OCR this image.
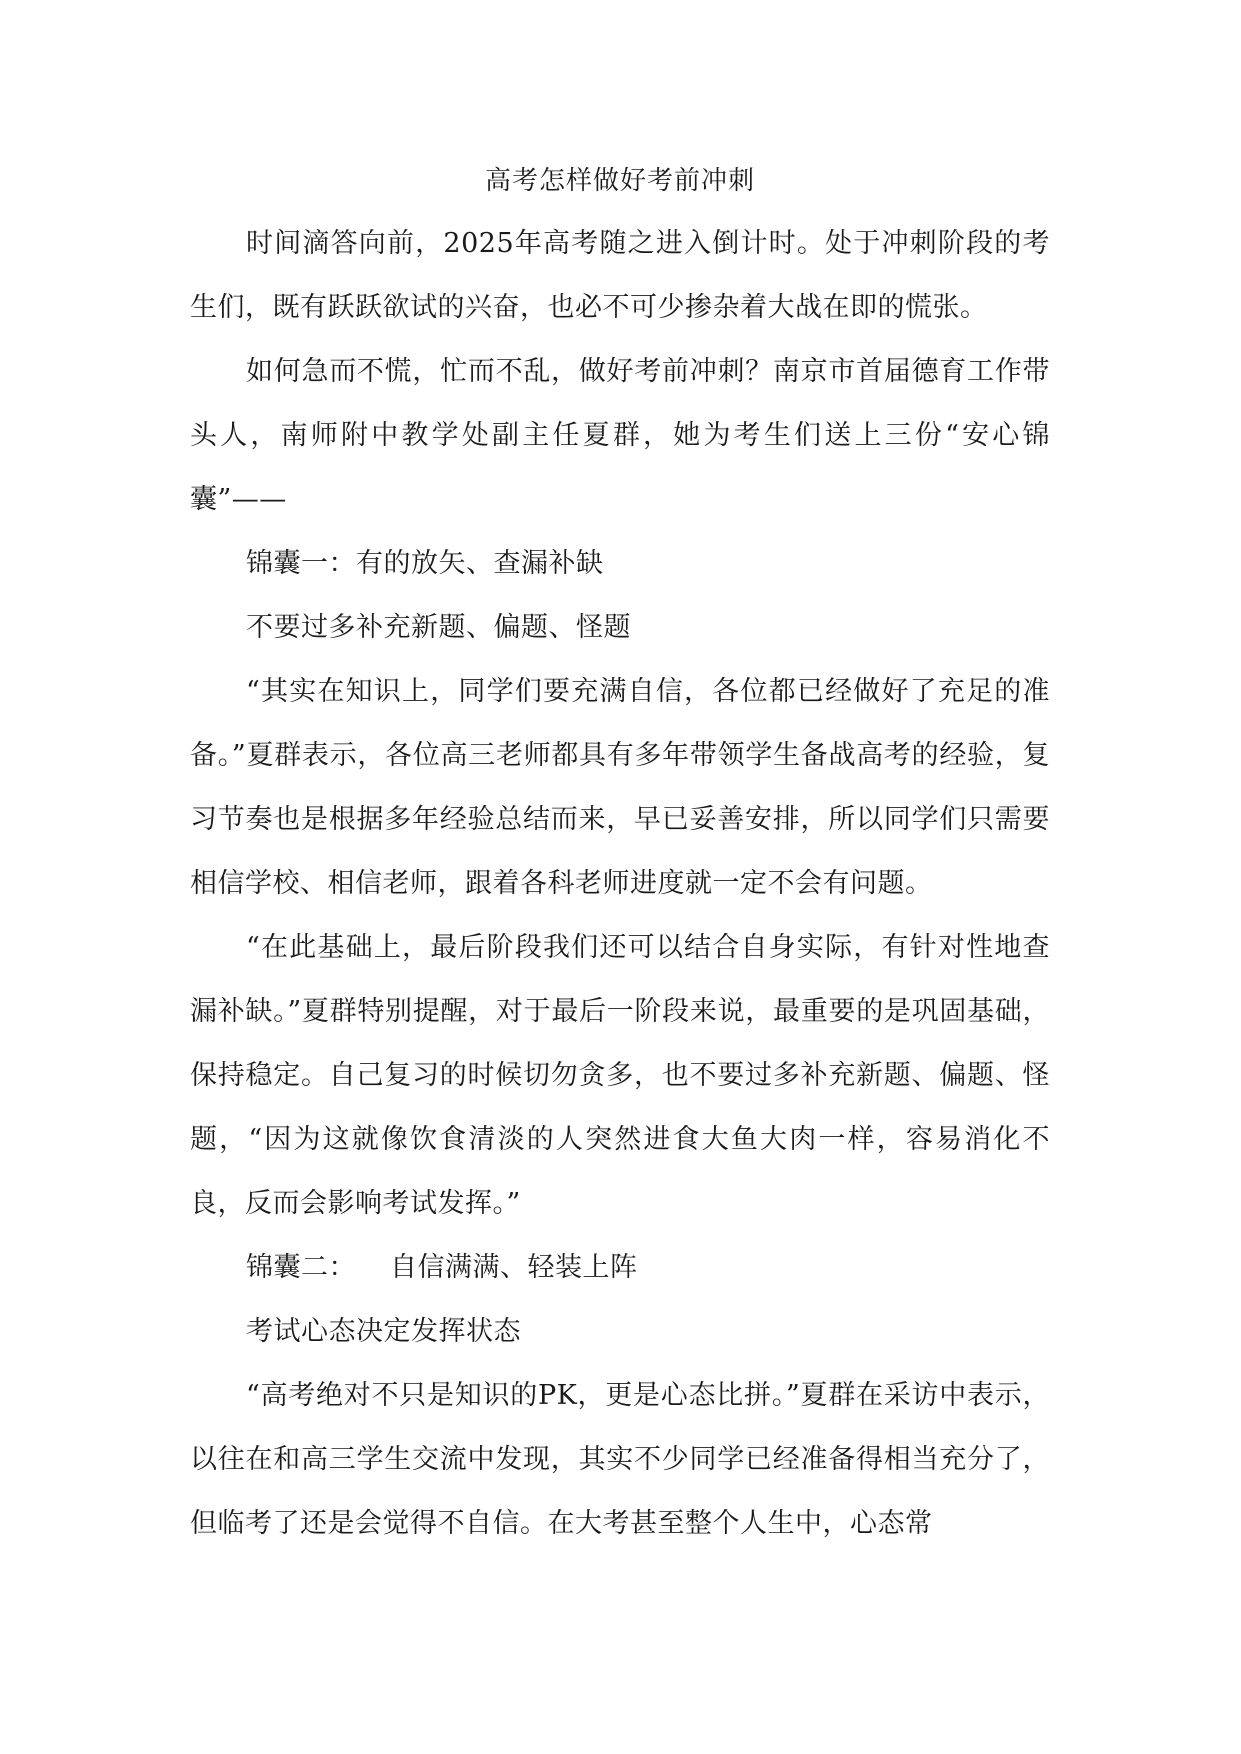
高考怎样做好考前冲刺

时间滴答向前，2025年高考随之进入倒计时。处于冲刺阶段的考生们，既有跃跃欲试的兴奋，也必不可少掺杂着大战在即的慌张。

如何急而不慌，忙而不乱，做好考前冲刺？南京市首届德育工作带头人，南师附中教学处副主任夏群，她为考生们送上三份“安心锦囊”——

锦囊一：有的放矢、查漏补缺
不要过多补充新题、偏题、怪题

“其实在知识上，同学们要充满自信，各位都已经做好了充足的准备。”夏群表示，各位高三老师都具有多年带领学生备战高考的经验，复习节奏也是根据多年经验总结而来，早已妥善安排，所以同学们只需要相信学校、相信老师，跟着各科老师进度就一定不会有问题。

“在此基础上，最后阶段我们还可以结合自身实际，有针对性地查漏补缺。”夏群特别提醒，对于最后一阶段来说，最重要的是巩固基础，保持稳定。自己复习的时候切勿贪多，也不要过多补充新题、偏题、怪题，“因为这就像饮食清淡的人突然进食大鱼大肉一样，容易消化不良，反而会影响考试发挥。”

锦囊二： 自信满满、轻装上阵
考试心态决定发挥状态

“高考绝对不只是知识的PK，更是心态比拼。”夏群在采访中表示，以往在和高三学生交流中发现，其实不少同学已经准备得相当充分了，但临考了还是会觉得不自信。在大考甚至整个人生中，心态常
